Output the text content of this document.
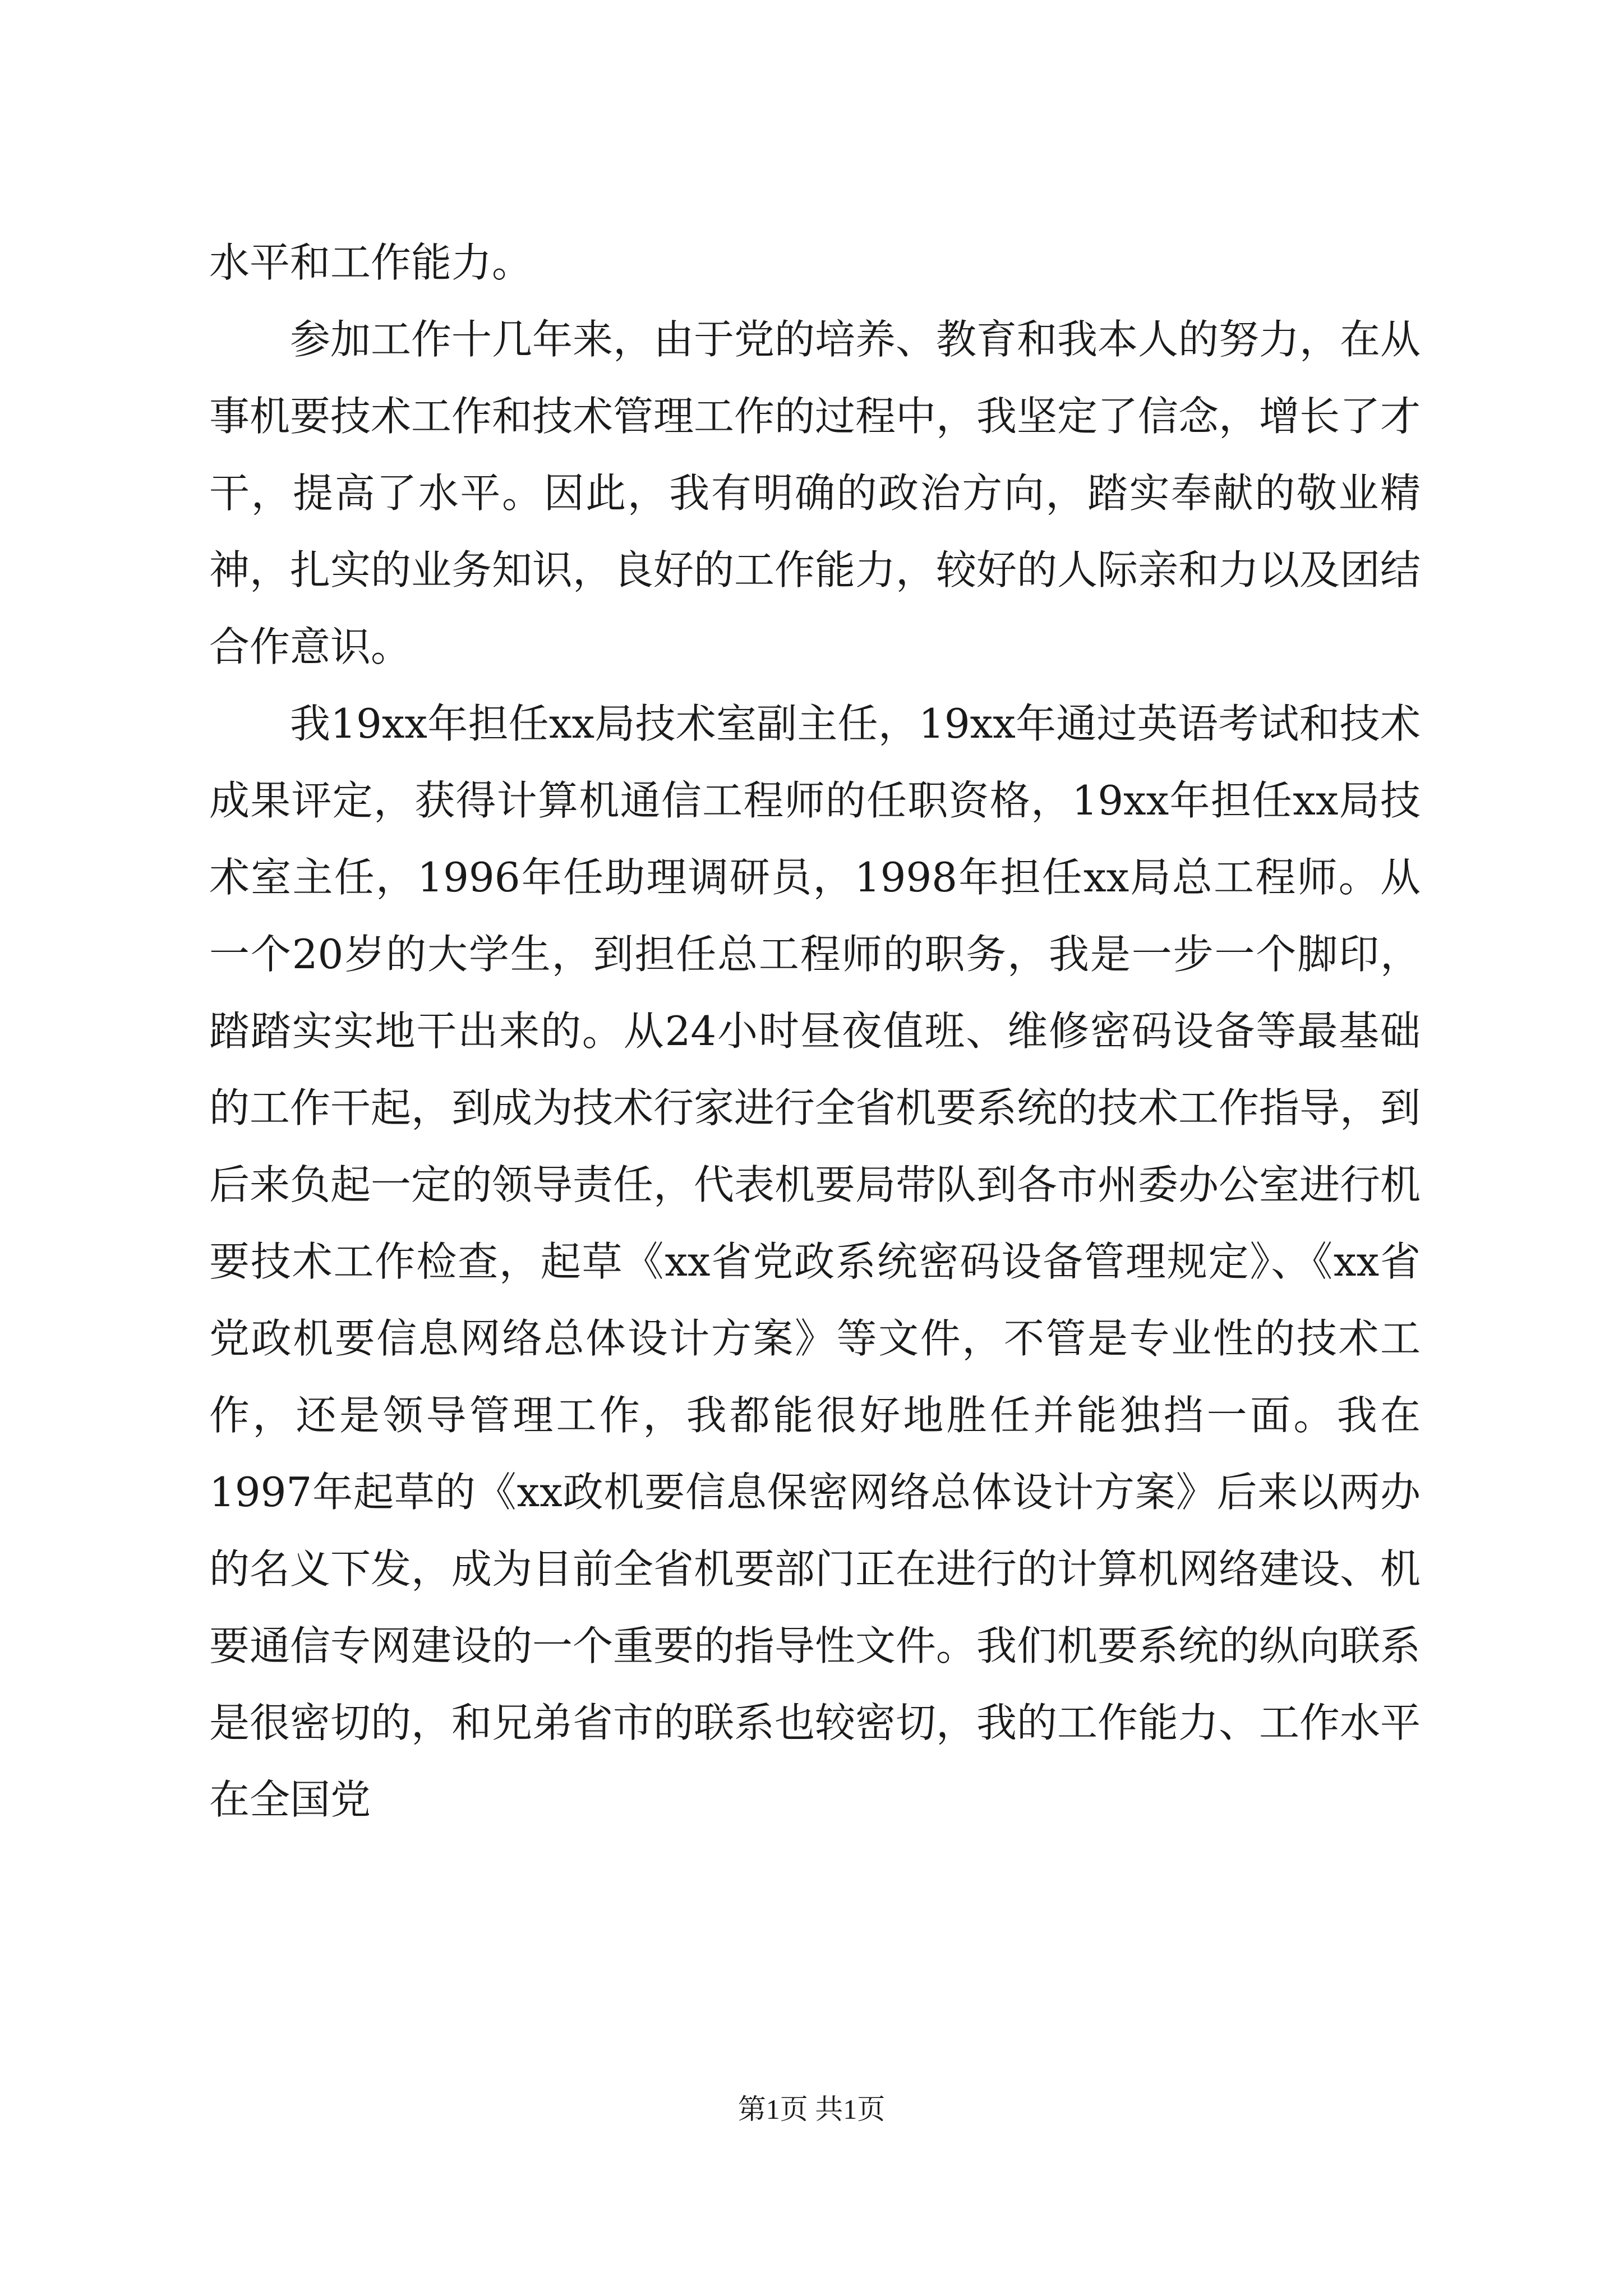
水平和工作能力。

参加工作十几年来，由于党的培养、教育和我本人的努力，在从事机要技术工作和技术管理工作的过程中，我坚定了信念，增长了才干，提高了水平。因此，我有明确的政治方向，踏实奉献的敬业精神，扎实的业务知识，良好的工作能力，较好的人际亲和力以及团结合作意识。

我19xx年担任xx局技术室副主任，19xx年通过英语考试和技术成果评定，获得计算机通信工程师的任职资格，19xx年担任xx局技术室主任，1996年任助理调研员，1998年担任xx局总工程师。从一个20岁的大学生，到担任总工程师的职务，我是一步一个脚印，踏踏实实地干出来的。从24小时昼夜值班、维修密码设备等最基础的工作干起，到成为技术行家进行全省机要系统的技术工作指导，到后来负起一定的领导责任，代表机要局带队到各市州委办公室进行机要技术工作检查，起草《xx省党政系统密码设备管理规定》、《xx省党政机要信息网络总体设计方案》等文件，不管是专业性的技术工作，还是领导管理工作，我都能很好地胜任并能独挡一面。我在1997年起草的《xx政机要信息保密网络总体设计方案》后来以两办的名义下发，成为目前全省机要部门正在进行的计算机网络建设、机要通信专网建设的一个重要的指导性文件。我们机要系统的纵向联系是很密切的，和兄弟省市的联系也较密切，我的工作能力、工作水平在全国党

第1页 共1页
